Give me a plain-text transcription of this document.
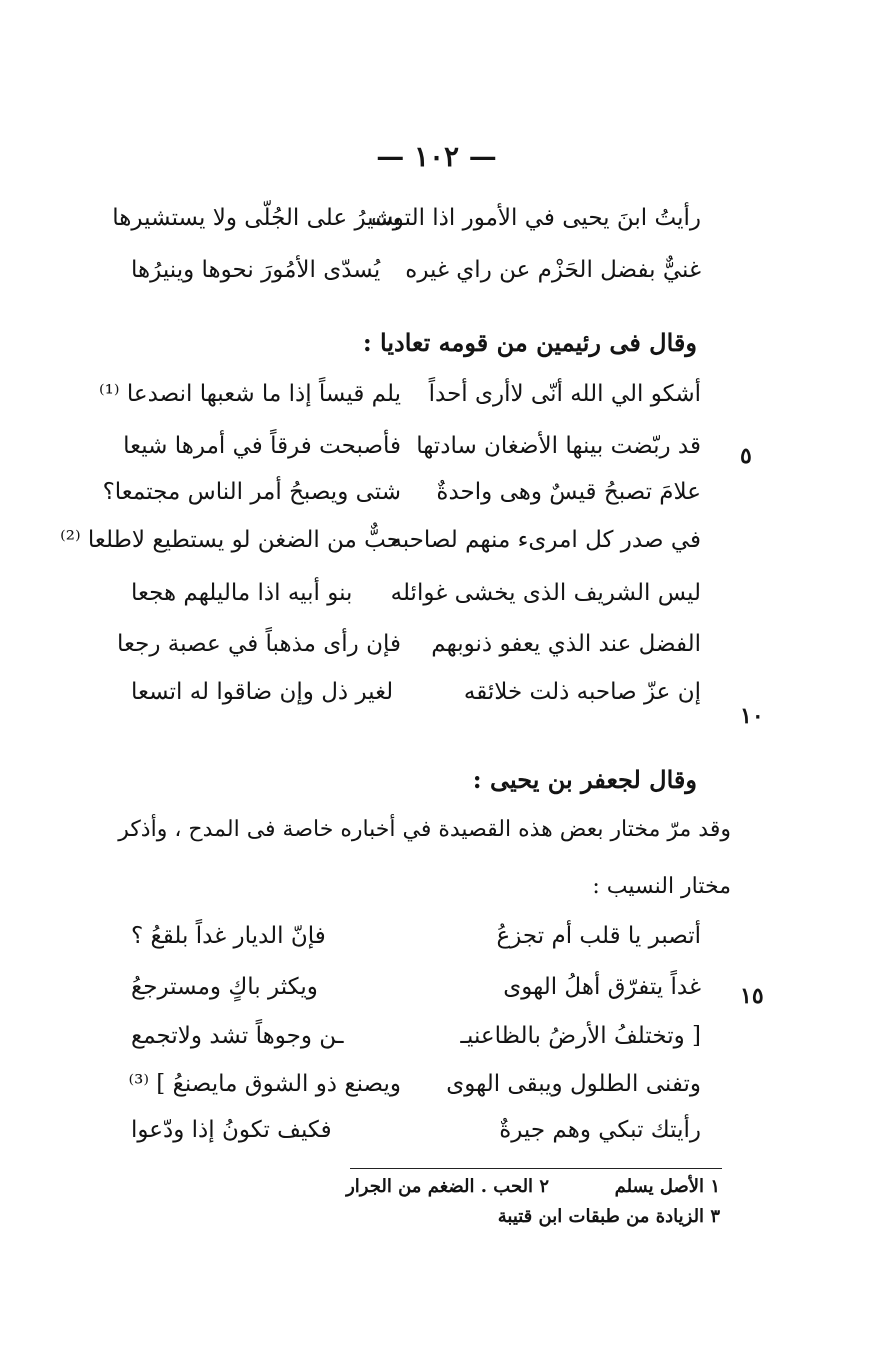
— ١٠٢ —
رأيتُ ابنَ يحيى في الأمور اذا التوت
يشيرُ على الجُلّى ولا يستشيرها
غنيٌّ بفضل الحَزْم عن راي غيره
يُسدّى الأمُورَ نحوها وينيرُها
وقال فى رئيمين من قومه تعاديا :
أشكو الي الله أنّى لاأرى أحداً
يلم قيساً إذا ما شعبها انصدعا ⁽¹⁾
قد ربّضت بينها الأضغان سادتها
فأصبحت فرقاً في أمرها شيعا
علامَ تصبحُ قيسٌ وهى واحدةٌ
شتى ويصبحُ أمر الناس مجتمعا؟
في صدر كل امرىء منهم لصاحبه
حبٌّ من الضغن لو يستطيع لاطلعا ⁽²⁾
ليس الشريف الذى يخشى غوائله
بنو أبيه اذا ماليلهم هجعا
الفضل عند الذي يعفو ذنوبهم
فإن رأى مذهباً في عصبة رجعا
إن عزّ صاحبه ذلت خلائقه
لغير ذل وإن ضاقوا له اتسعا
وقال لجعفر بن يحيى :
وقد مرّ مختار بعض هذه القصيدة في أخباره خاصة فى المدح ، وأذكر
مختار النسيب :
أتصبر يا قلب أم تجزعُ
فإنّ الديار غداً بلقعُ ؟
غداً يتفرّق أهلُ الهوى
ويكثر باكٍ ومسترجعُ
[ وتختلفُ الأرضُ بالظاعنيـ
ـن وجوهاً تشد ولاتجمع
وتفنى الطلول ويبقى الهوى
ويصنع ذو الشوق مايصنعُ ] ⁽³⁾
رأيتك تبكي وهم جيرةٌ
فكيف تكونُ إذا ودّعوا
٥
١٠
١٥
١ الأصل يسلم
٢ الحب . الضغم من الجرار
٣ الزيادة من طبقات ابن قتيبة
